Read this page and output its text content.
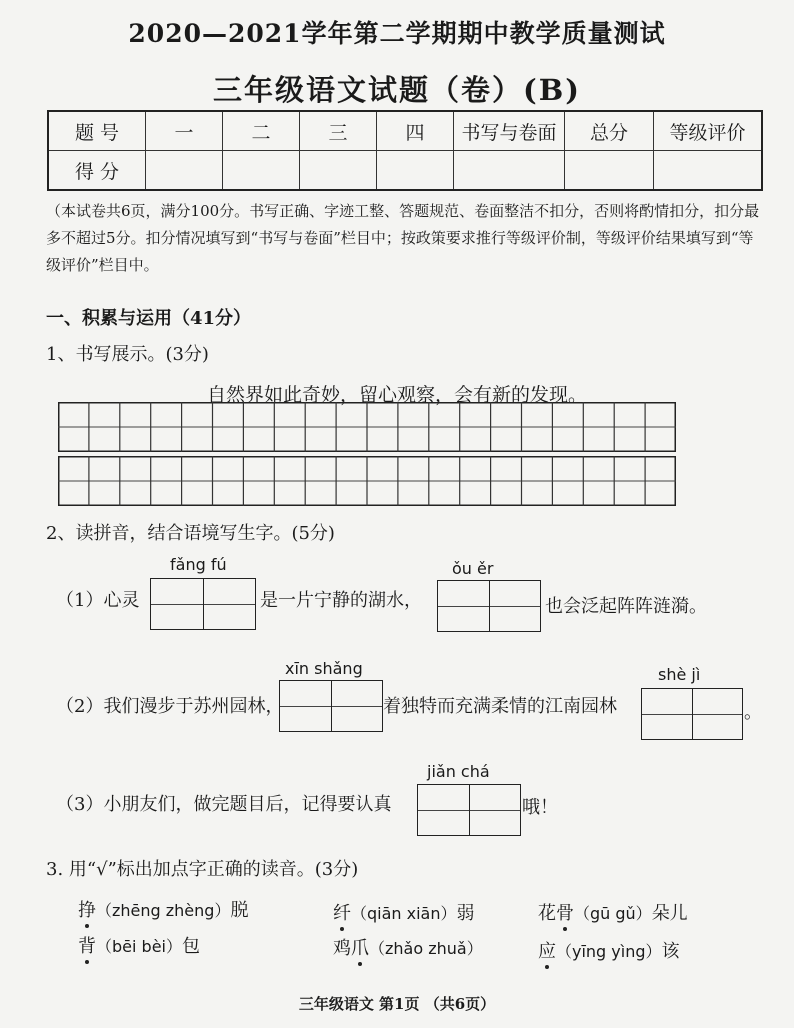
2020—2021学年第二学期期中教学质量测试
三年级语文试题（卷）(B)
题 号	一	二	三	四	书写与卷面	总分	等级评价
得 分							
（本试卷共6页，满分100分。书写正确、字迹工整、答题规范、卷面整洁不扣分，否则将酌情扣分，扣分最多不超过5分。扣分情况填写到“书写与卷面”栏目中；按政策要求推行等级评价制，等级评价结果填写到“等级评价”栏目中。
一、积累与运用（41分）
1、书写展示。(3分)
自然界如此奇妙，留心观察，会有新的发现。
2、读拼音，结合语境写生字。(5分)
fǎng fú
（1）心灵	是一片宁静的湖水，
ǒu ěr
也会泛起阵阵涟漪。
xīn shǎng
（2）我们漫步于苏州园林，	着独特而充满柔情的江南园林
shè jì
。
jiǎn chá
（3）小朋友们，做完题目后，记得要认真	哦！
3. 用“√”标出加点字正确的读音。(3分)
挣（zhēng zhèng）脱	纤（qiān xiān）弱	花骨（gū gǔ）朵儿
背（bēi bèi）包	鸡爪（zhǎo zhuǎ）	应（yīng yìng）该
三年级语文 第1页 （共6页）
